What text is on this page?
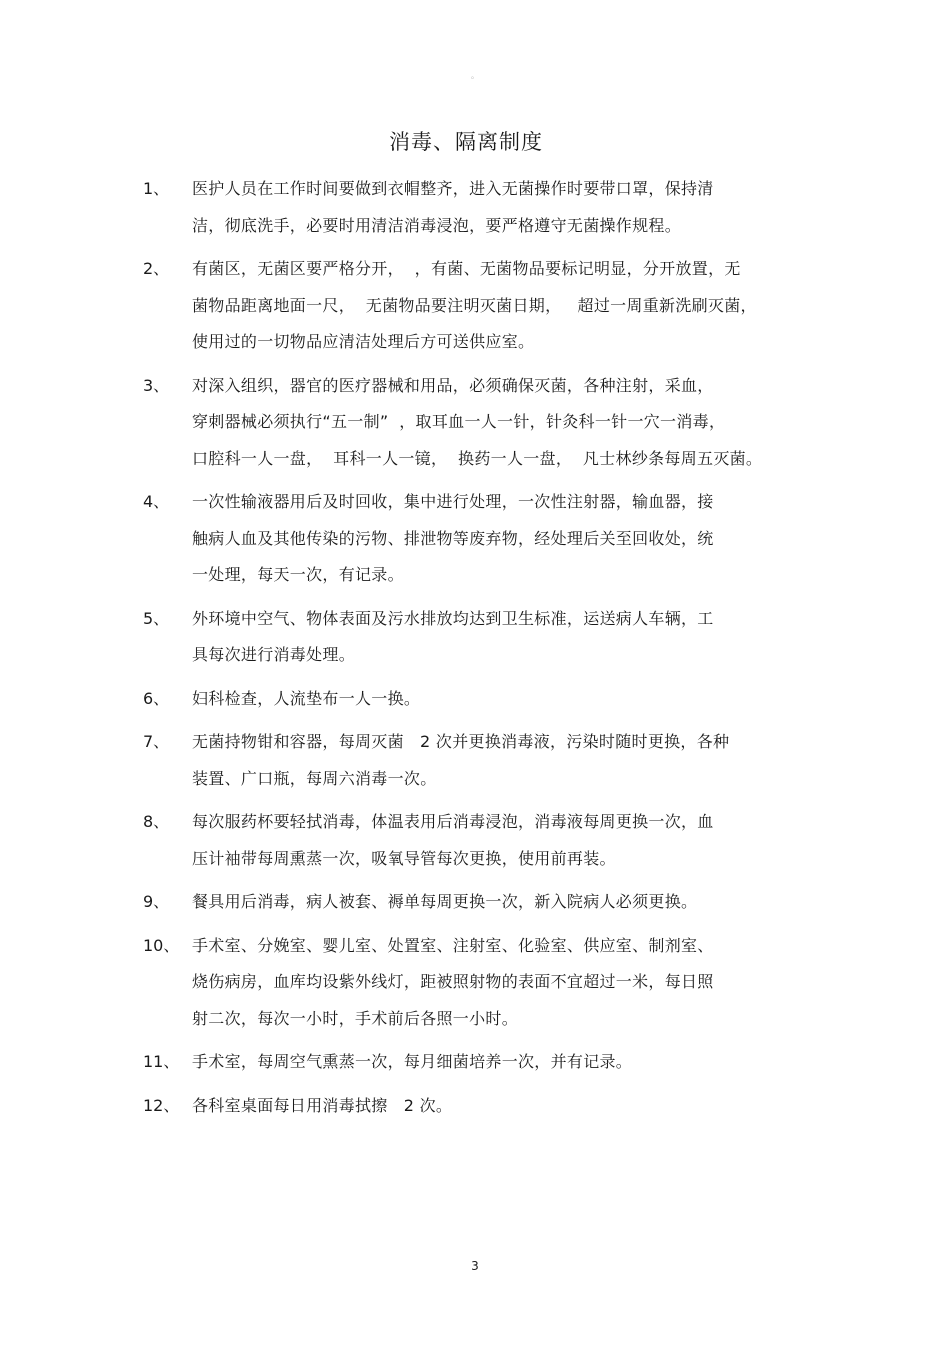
。
消毒、隔离制度
1、 医护人员在工作时间要做到衣帽整齐，进入无菌操作时要带口罩，保持清
洁，彻底洗手，必要时用清洁消毒浸泡，要严格遵守无菌操作规程。
2、 有菌区，无菌区要严格分开，  ，有菌、无菌物品要标记明显，分开放置，无
菌物品距离地面一尺，  无菌物品要注明灭菌日期，   超过一周重新洗刷灭菌，
使用过的一切物品应清洁处理后方可送供应室。
3、 对深入组织，器官的医疗器械和用品，必须确保灭菌，各种注射，采血，
穿刺器械必须执行“五一制”  ，取耳血一人一针，针灸科一针一穴一消毒，
口腔科一人一盘，  耳科一人一镜，  换药一人一盘，  凡士林纱条每周五灭菌。
4、 一次性输液器用后及时回收，集中进行处理，一次性注射器，输血器，接
触病人血及其他传染的污物、排泄物等废弃物，经处理后关至回收处，统
一处理，每天一次，有记录。
5、 外环境中空气、物体表面及污水排放均达到卫生标准，运送病人车辆，工
具每次进行消毒处理。
6、 妇科检查，人流垫布一人一换。
7、 无菌持物钳和容器，每周灭菌   2 次并更换消毒液，污染时随时更换，各种
装置、广口瓶，每周六消毒一次。
8、 每次服药杯要轻拭消毒，体温表用后消毒浸泡，消毒液每周更换一次，血
压计袖带每周熏蒸一次，吸氧导管每次更换，使用前再装。
9、 餐具用后消毒，病人被套、褥单每周更换一次，新入院病人必须更换。
10、 手术室、分娩室、婴儿室、处置室、注射室、化验室、供应室、制剂室、
烧伤病房，血库均设紫外线灯，距被照射物的表面不宜超过一米，每日照
射二次，每次一小时，手术前后各照一小时。
11、 手术室，每周空气熏蒸一次，每月细菌培养一次，并有记录。
12、 各科室桌面每日用消毒拭擦   2 次。
3
